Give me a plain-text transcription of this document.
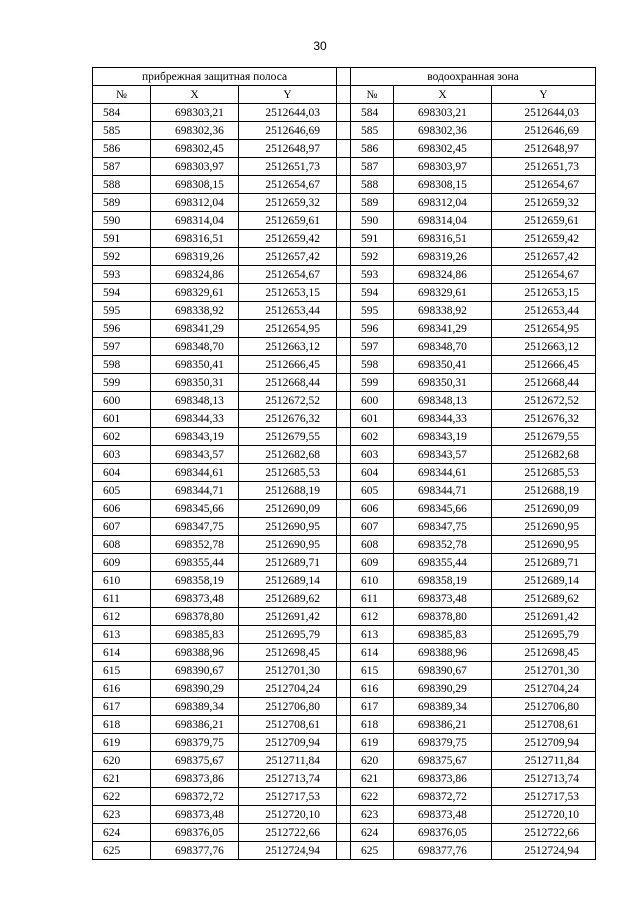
30
прибрежная защитная полоса				водоохранная зона		
№	X	Y		№	X	Y
584	698303,21	2512644,03		584	698303,21	2512644,03
585	698302,36	2512646,69		585	698302,36	2512646,69
586	698302,45	2512648,97		586	698302,45	2512648,97
587	698303,97	2512651,73		587	698303,97	2512651,73
588	698308,15	2512654,67		588	698308,15	2512654,67
589	698312,04	2512659,32		589	698312,04	2512659,32
590	698314,04	2512659,61		590	698314,04	2512659,61
591	698316,51	2512659,42		591	698316,51	2512659,42
592	698319,26	2512657,42		592	698319,26	2512657,42
593	698324,86	2512654,67		593	698324,86	2512654,67
594	698329,61	2512653,15		594	698329,61	2512653,15
595	698338,92	2512653,44		595	698338,92	2512653,44
596	698341,29	2512654,95		596	698341,29	2512654,95
597	698348,70	2512663,12		597	698348,70	2512663,12
598	698350,41	2512666,45		598	698350,41	2512666,45
599	698350,31	2512668,44		599	698350,31	2512668,44
600	698348,13	2512672,52		600	698348,13	2512672,52
601	698344,33	2512676,32		601	698344,33	2512676,32
602	698343,19	2512679,55		602	698343,19	2512679,55
603	698343,57	2512682,68		603	698343,57	2512682,68
604	698344,61	2512685,53		604	698344,61	2512685,53
605	698344,71	2512688,19		605	698344,71	2512688,19
606	698345,66	2512690,09		606	698345,66	2512690,09
607	698347,75	2512690,95		607	698347,75	2512690,95
608	698352,78	2512690,95		608	698352,78	2512690,95
609	698355,44	2512689,71		609	698355,44	2512689,71
610	698358,19	2512689,14		610	698358,19	2512689,14
611	698373,48	2512689,62		611	698373,48	2512689,62
612	698378,80	2512691,42		612	698378,80	2512691,42
613	698385,83	2512695,79		613	698385,83	2512695,79
614	698388,96	2512698,45		614	698388,96	2512698,45
615	698390,67	2512701,30		615	698390,67	2512701,30
616	698390,29	2512704,24		616	698390,29	2512704,24
617	698389,34	2512706,80		617	698389,34	2512706,80
618	698386,21	2512708,61		618	698386,21	2512708,61
619	698379,75	2512709,94		619	698379,75	2512709,94
620	698375,67	2512711,84		620	698375,67	2512711,84
621	698373,86	2512713,74		621	698373,86	2512713,74
622	698372,72	2512717,53		622	698372,72	2512717,53
623	698373,48	2512720,10		623	698373,48	2512720,10
624	698376,05	2512722,66		624	698376,05	2512722,66
625	698377,76	2512724,94		625	698377,76	2512724,94
